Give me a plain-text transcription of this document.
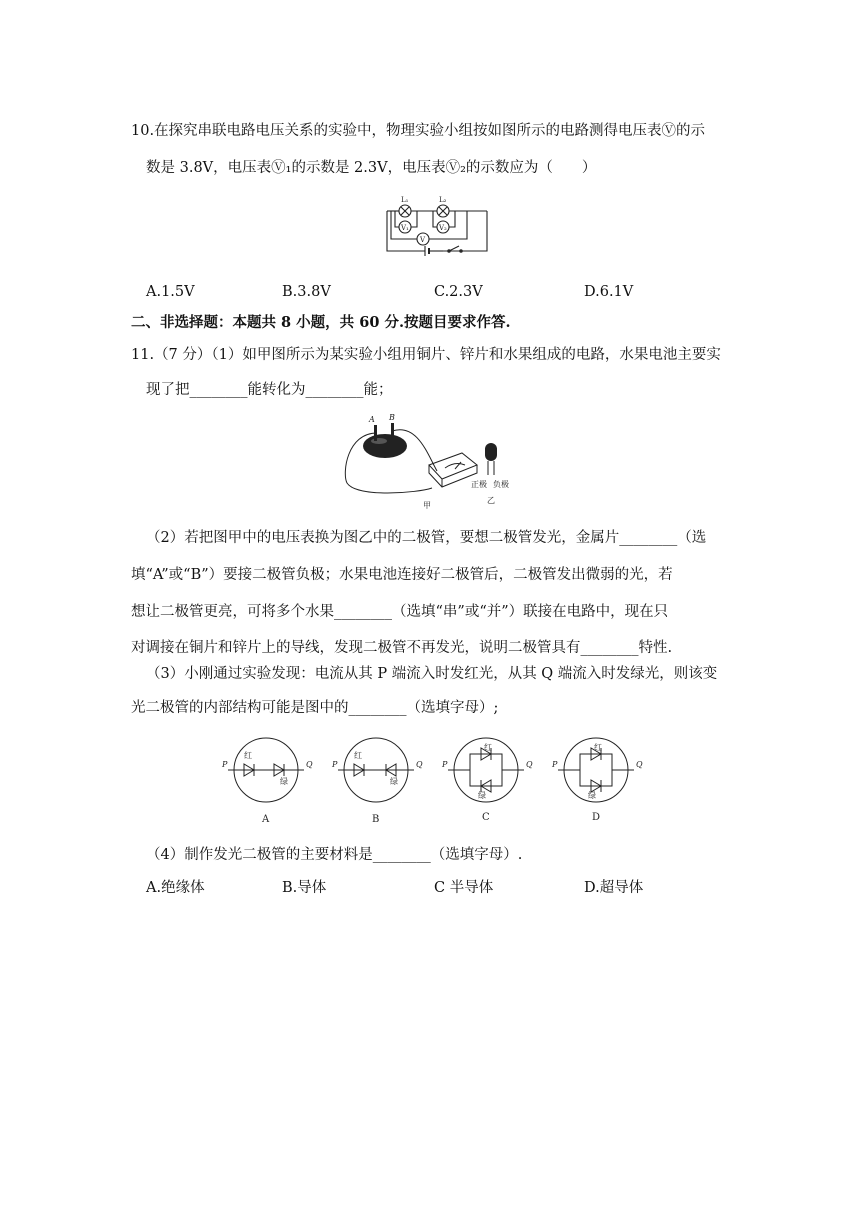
10.在探究串联电路电压关系的实验中，物理实验小组按如图所示的电路测得电压表Ⓥ的示
数是 3.8V，电压表Ⓥ₁的示数是 2.3V，电压表Ⓥ₂的示数应为（　　）
L₁	L₂
V₁	V₂
V
A.1.5V	B.3.8V	C.2.3V	D.6.1V
二、非选择题：本题共 8 小题，共 60 分.按题目要求作答.
11.（7 分）（1）如甲图所示为某实验小组用铜片、锌片和水果组成的电路，水果电池主要实
现了把________能转化为________能；
A B
正极 负极
甲
乙
（2）若把图甲中的电压表换为图乙中的二极管，要想二极管发光，金属片________（选
填“A”或“B”）要接二极管负极；水果电池连接好二极管后，二极管发出微弱的光，若
想让二极管更亮，可将多个水果________（选填“串”或“并”）联接在电路中，现在只
对调接在铜片和锌片上的导线，发现二极管不再发光，说明二极管具有________特性.
（3）小刚通过实验发现：电流从其 P 端流入时发红光，从其 Q 端流入时发绿光，则该变
光二极管的内部结构可能是图中的________（选填字母）;
P	Q
红
绿
P	Q
红
绿
P	Q
红
绿
P	Q
红
绿
A	B	C	D
（4）制作发光二极管的主要材料是________（选填字母）.
A.绝缘体	B.导体	C 半导体	D.超导体
